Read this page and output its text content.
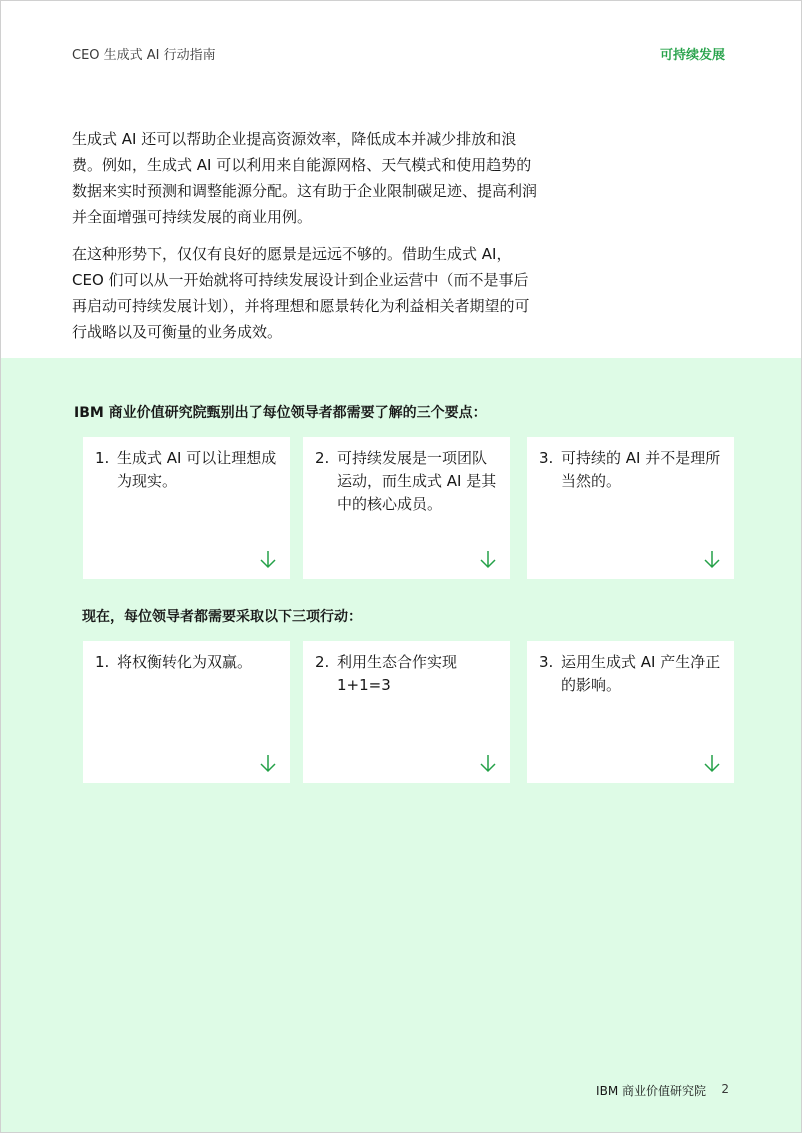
CEO 生成式 AI 行动指南	可持续发展

生成式 AI 还可以帮助企业提高资源效率，降低成本并减少排放和浪费。例如，生成式 AI 可以利用来自能源网格、天气模式和使用趋势的数据来实时预测和调整能源分配。这有助于企业限制碳足迹、提高利润并全面增强可持续发展的商业用例。

在这种形势下，仅仅有良好的愿景是远远不够的。借助生成式 AI，CEO 们可以从一开始就将可持续发展设计到企业运营中（而不是事后再启动可持续发展计划），并将理想和愿景转化为利益相关者期望的可行战略以及可衡量的业务成效。

IBM 商业价值研究院甄别出了每位领导者都需要了解的三个要点：
1. 生成式 AI 可以让理想成为现实。
2. 可持续发展是一项团队运动，而生成式 AI 是其中的核心成员。
3. 可持续的 AI 并不是理所当然的。
现在，每位领导者都需要采取以下三项行动：
1. 将权衡转化为双赢。	2. 利用生态合作实现 1+1=3
3. 运用生成式 AI 产生净正的影响。
IBM 商业价值研究院 2
